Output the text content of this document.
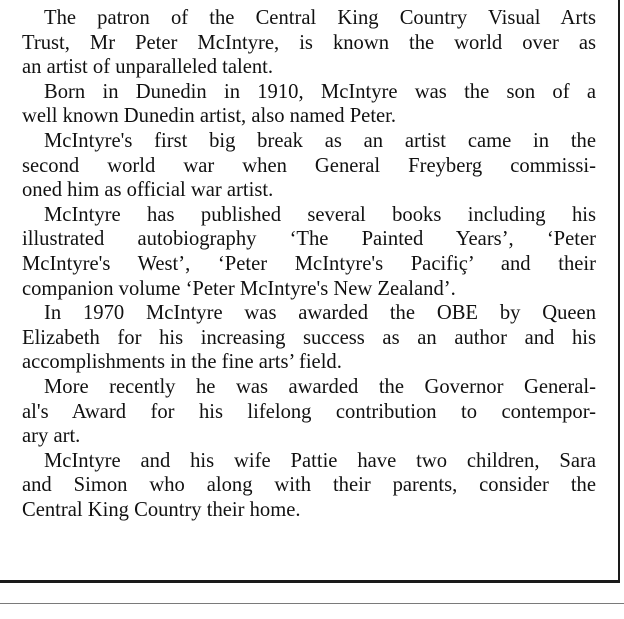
The patron of the Central King Country Visual Arts
Trust, Mr Peter McIntyre, is known the world over as
an artist of unparalleled talent.

Born in Dunedin in 1910, McIntyre was the son of a
well known Dunedin artist, also named Peter.

McIntyre's first big break as an artist came in the
second world war when General Freyberg commissi-
oned him as official war artist.

McIntyre has published several books including his
illustrated autobiography ‘The Painted Years’, ‘Peter
McIntyre's West’, ‘Peter McIntyre's Pacifiç’ and their
companion volume ‘Peter McIntyre's New Zealand’.

In 1970 McIntyre was awarded the OBE by Queen
Elizabeth for his increasing success as an author and his
accomplishments in the fine arts’ field.

More recently he was awarded the Governor General-
al's Award for his lifelong contribution to contempor-
ary art.

McIntyre and his wife Pattie have two children, Sara
and Simon who along with their parents, consider the
Central King Country their home.
